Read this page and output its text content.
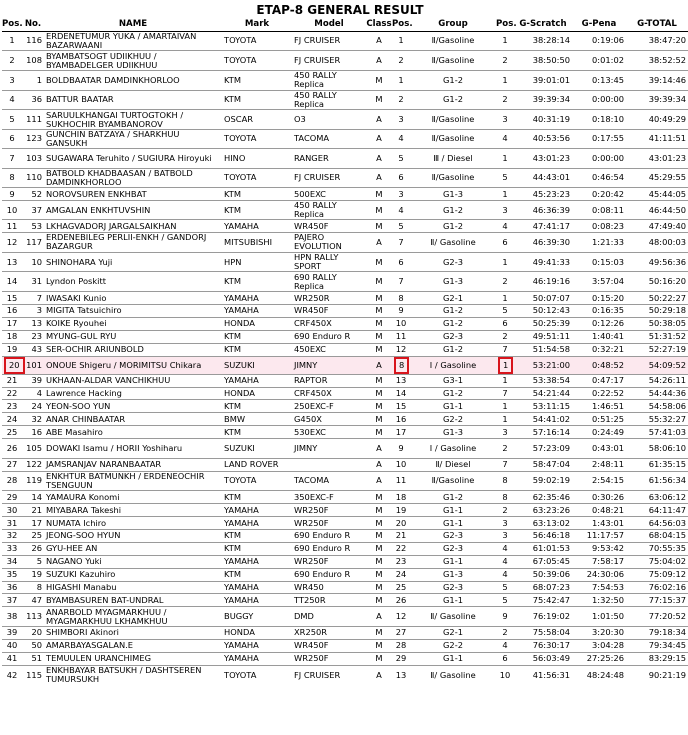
ETAP-8 GENERAL RESULT
Pos.	No.	NAME	Mark	Model	Class	Pos.	Group	Pos.	G-Scratch	G-Pena	G-TOTAL
1	116	ERDENETUMUR YUKA / AMARTAIVAN BAZARWAANI	TOYOTA	FJ CRUISER	A	1	Ⅱ/Gasoline	1	38:28:14	0:19:06	38:47:20
2	108	BYAMBATSOGT UDIIKHUU / BYAMBADELGER UDIIKHUU	TOYOTA	FJ CRUISER	A	2	Ⅱ/Gasoline	2	38:50:50	0:01:02	38:52:52
3	1	BOLDBAATAR DAMDINKHORLOO	KTM	450 RALLY Replica	M	1	G1-2	1	39:01:01	0:13:45	39:14:46
4	36	BATTUR BAATAR	KTM	450 RALLY Replica	M	2	G1-2	2	39:39:34	0:00:00	39:39:34
5	111	SARUULKHANGAI TURTOGTOKH / SUKHOCHIR BYAMBANOROV	OSCAR	O3	A	3	Ⅱ/Gasoline	3	40:31:19	0:18:10	40:49:29
6	123	GUNCHIN BATZAYA / SHARKHUU GANSUKH	TOYOTA	TACOMA	A	4	Ⅱ/Gasoline	4	40:53:56	0:17:55	41:11:51
7	103	SUGAWARA Teruhito / SUGIURA Hiroyuki	HINO	RANGER	A	5	Ⅲ / Diesel	1	43:01:23	0:00:00	43:01:23
8	110	BATBOLD KHADBAASAN / BATBOLD DAMDINKHORLOO	TOYOTA	FJ CRUISER	A	6	Ⅱ/Gasoline	5	44:43:01	0:46:54	45:29:55
9	52	NOROVSUREN ENKHBAT	KTM	500EXC	M	3	G1-3	1	45:23:23	0:20:42	45:44:05
10	37	AMGALAN ENKHTUVSHIN	KTM	450 RALLY Replica	M	4	G1-2	3	46:36:39	0:08:11	46:44:50
11	53	LKHAGVADORJ JARGALSAIKHAN	YAMAHA	WR450F	M	5	G1-2	4	47:41:17	0:08:23	47:49:40
12	117	ERDENEBILEG PERLII-ENKH / GANDORJ BAZARGUR	MITSUBISHI	PAJERO EVOLUTION	A	7	Ⅱ/ Gasoline	6	46:39:30	1:21:33	48:00:03
13	10	SHINOHARA Yuji	HPN	HPN RALLY SPORT	M	6	G2-3	1	49:41:33	0:15:03	49:56:36
14	31	Lyndon Poskitt	KTM	690 RALLY Replica	M	7	G1-3	2	46:19:16	3:57:04	50:16:20
15	7	IWASAKI Kunio	YAMAHA	WR250R	M	8	G2-1	1	50:07:07	0:15:20	50:22:27
16	3	MIGITA Tatsuichiro	YAMAHA	WR450F	M	9	G1-2	5	50:12:43	0:16:35	50:29:18
17	13	KOIKE Ryouhei	HONDA	CRF450X	M	10	G1-2	6	50:25:39	0:12:26	50:38:05
18	23	MYUNG-GUL RYU	KTM	690 Enduro R	M	11	G2-3	2	49:51:11	1:40:41	51:31:52
19	43	SER-OCHIR ARIUNBOLD	KTM	450EXC	M	12	G1-2	7	51:54:58	0:32:21	52:27:19
20	101	ONOUE Shigeru / MORIMITSU Chikara	SUZUKI	JIMNY	A	8	I / Gasoline	1	53:21:00	0:48:52	54:09:52
21	39	UKHAAN-ALDAR VANCHIKHUU	YAMAHA	RAPTOR	M	13	G3-1	1	53:38:54	0:47:17	54:26:11
22	4	Lawrence Hacking	HONDA	CRF450X	M	14	G1-2	7	54:21:44	0:22:52	54:44:36
23	24	YEON-SOO YUN	KTM	250EXC-F	M	15	G1-1	1	53:11:15	1:46:51	54:58:06
24	32	ANAR CHINBAATAR	BMW	G450X	M	16	G2-2	1	54:41:02	0:51:25	55:32:27
25	16	ABE Masahiro	KTM	530EXC	M	17	G1-3	3	57:16:14	0:24:49	57:41:03
26	105	DOWAKI Isamu / HORII Yoshiharu	SUZUKI	JIMNY	A	9	I / Gasoline	2	57:23:09	0:43:01	58:06:10
27	122	JAMSRANJAV NARANBAATAR	LAND ROVER		A	10	Ⅱ/ Diesel	7	58:47:04	2:48:11	61:35:15
28	119	ENKHTUR BATMUNKH / ERDENEOCHIR TSENGUUN	TOYOTA	TACOMA	A	11	Ⅱ/Gasoline	8	59:02:19	2:54:15	61:56:34
29	14	YAMAURA Konomi	KTM	350EXC-F	M	18	G1-2	8	62:35:46	0:30:26	63:06:12
30	21	MIYABARA Takeshi	YAMAHA	WR250F	M	19	G1-1	2	63:23:26	0:48:21	64:11:47
31	17	NUMATA Ichiro	YAMAHA	WR250F	M	20	G1-1	3	63:13:02	1:43:01	64:56:03
32	25	JEONG-SOO HYUN	KTM	690 Enduro R	M	21	G2-3	3	56:46:18	11:17:57	68:04:15
33	26	GYU-HEE AN	KTM	690 Enduro R	M	22	G2-3	4	61:01:53	9:53:42	70:55:35
34	5	NAGANO Yuki	YAMAHA	WR250F	M	23	G1-1	4	67:05:45	7:58:17	75:04:02
35	19	SUZUKI Kazuhiro	KTM	690 Enduro R	M	24	G1-3	4	50:39:06	24:30:06	75:09:12
36	8	HIGASHI Manabu	YAMAHA	WR450	M	25	G2-3	5	68:07:23	7:54:53	76:02:16
37	47	BYAMBASUREN BAT-UNDRAL	YAMAHA	TT250R	M	26	G1-1	5	75:42:47	1:32:50	77:15:37
38	113	ANARBOLD MYAGMARKHUU / MYAGMARKHUU LKHAMKHUU	BUGGY	DMD	A	12	Ⅱ/ Gasoline	9	76:19:02	1:01:50	77:20:52
39	20	SHIMBORI Akinori	HONDA	XR250R	M	27	G2-1	2	75:58:04	3:20:30	79:18:34
40	50	AMARBAYASGALAN.E	YAMAHA	WR450F	M	28	G2-2	4	76:30:17	3:04:28	79:34:45
41	51	TEMUULEN URANCHIMEG	YAMAHA	WR250F	M	29	G1-1	6	56:03:49	27:25:26	83:29:15
42	115	ENKHBAYAR BATSUKH / DASHTSEREN TUMURSUKH	TOYOTA	FJ CRUISER	A	13	Ⅱ/ Gasoline	10	41:56:31	48:24:48	90:21:19
